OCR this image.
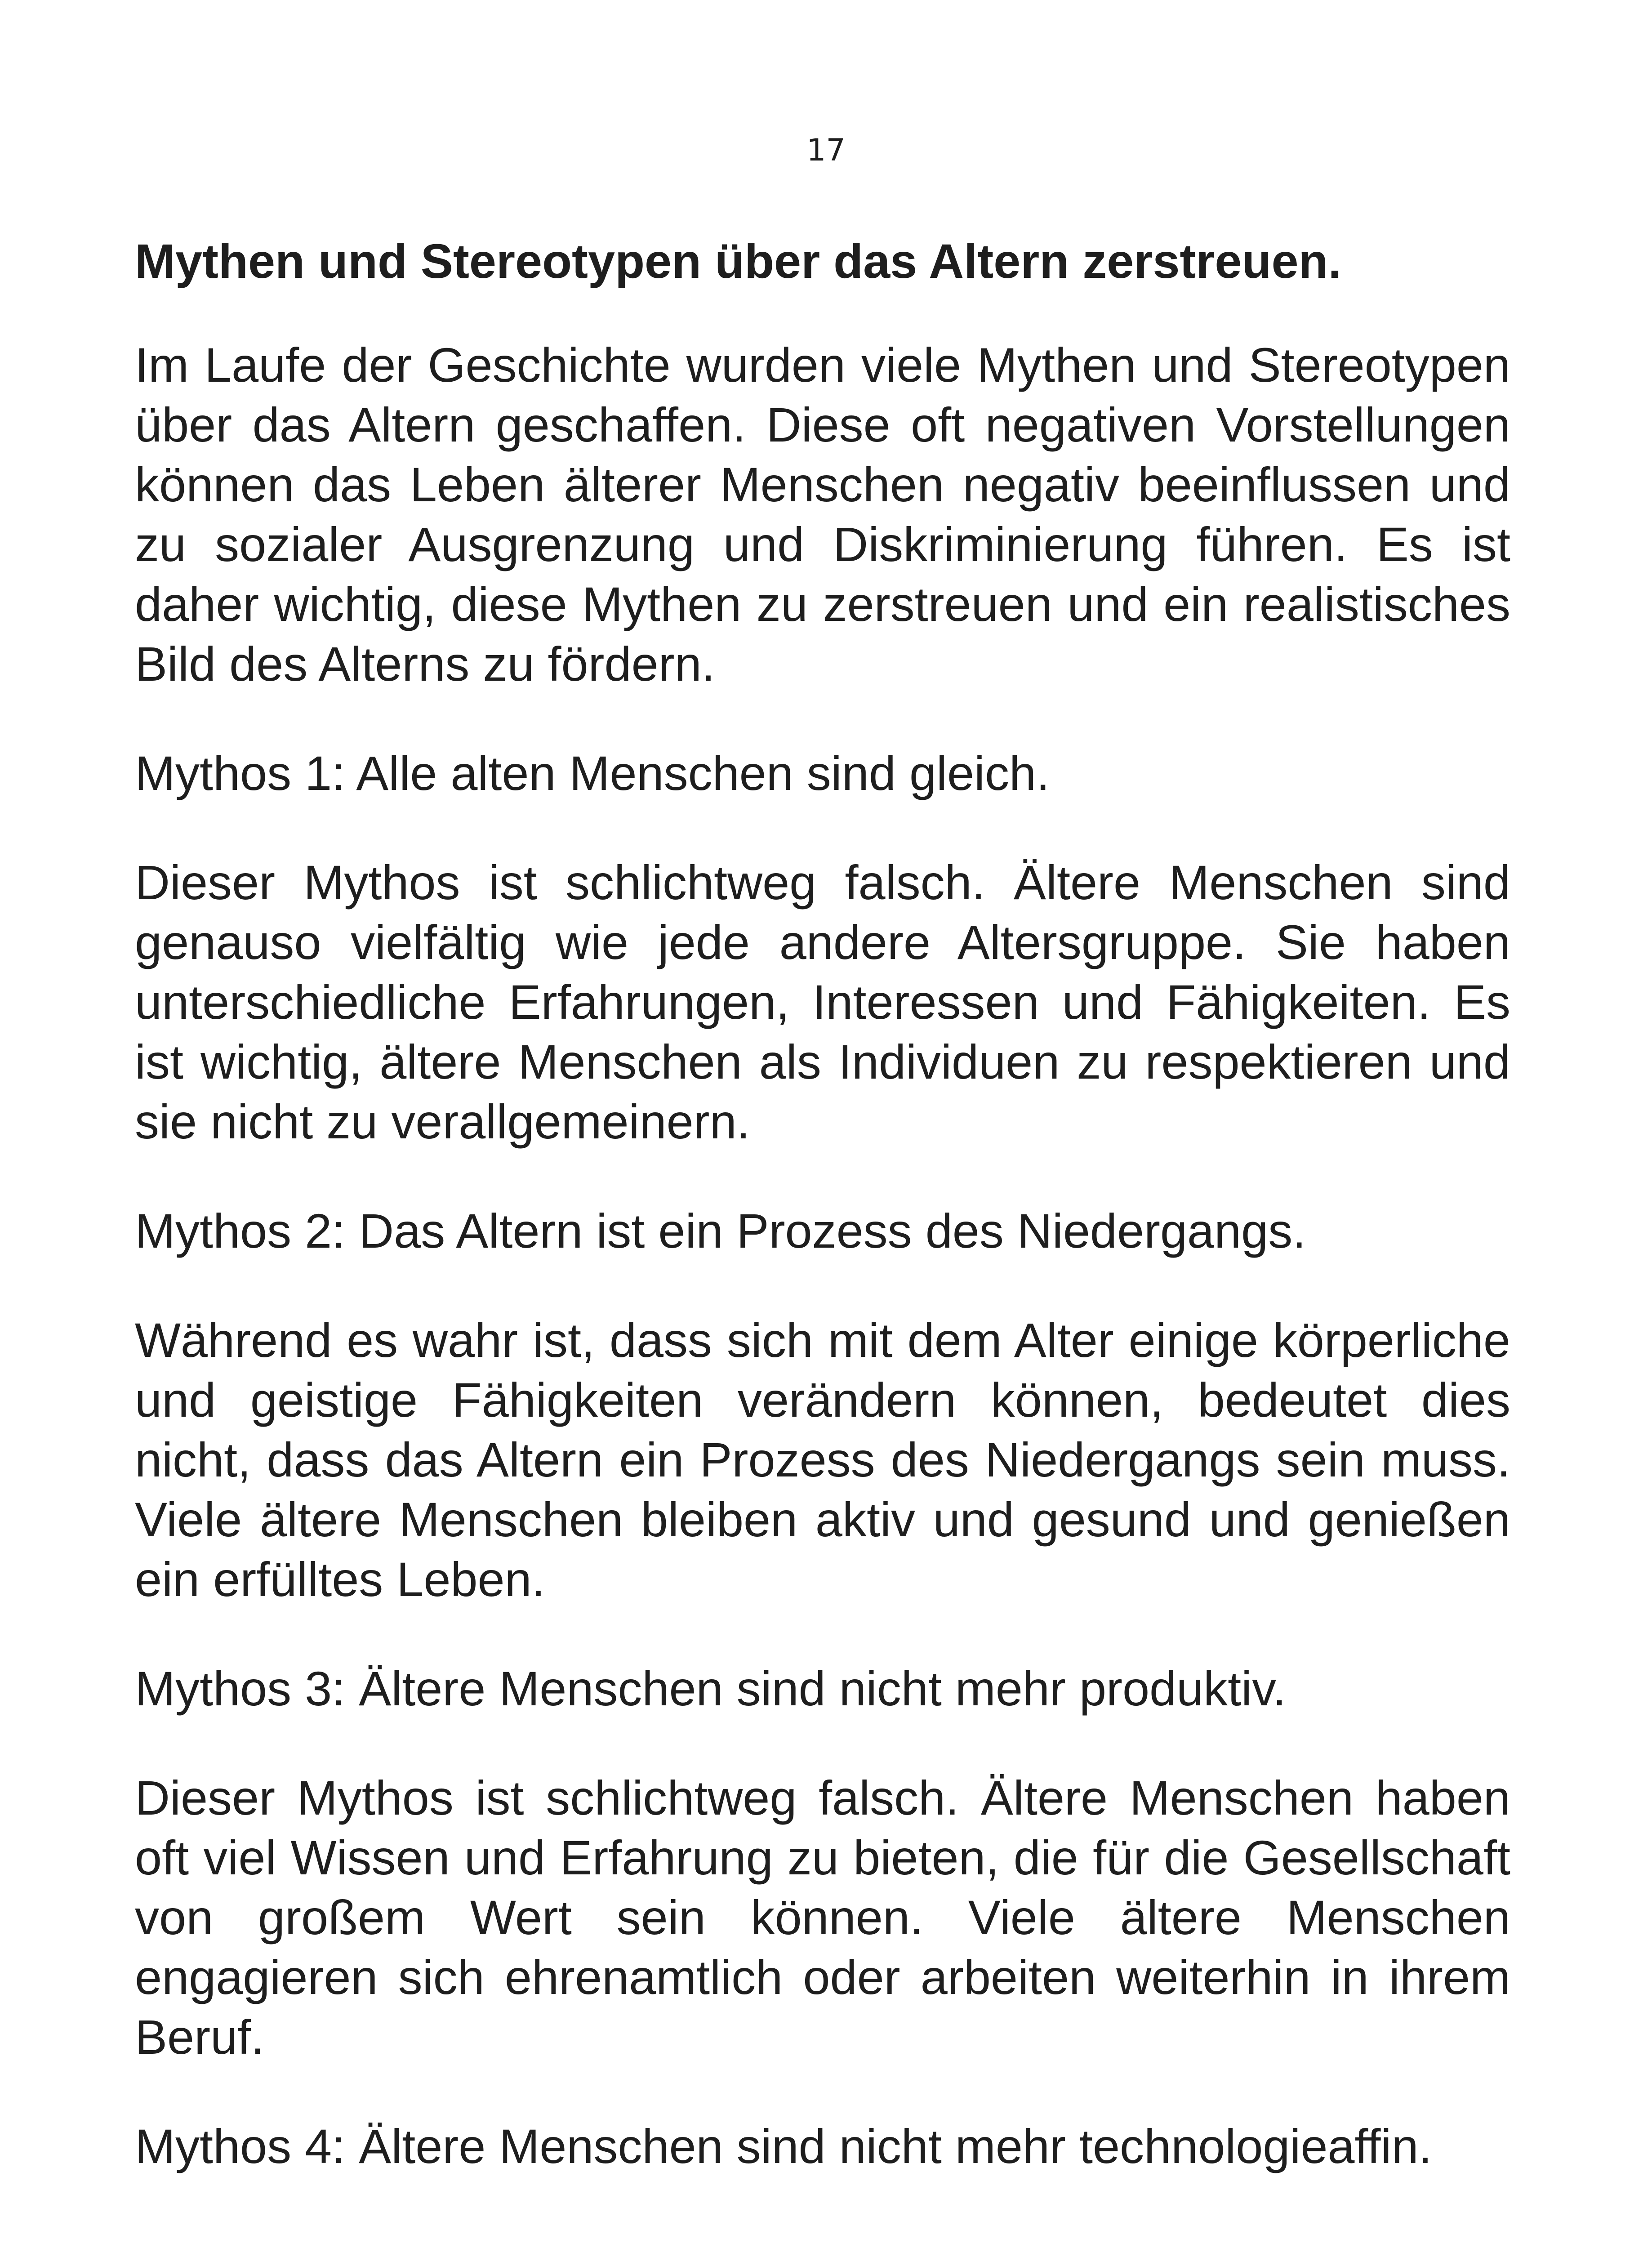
17
Mythen und Stereotypen über das Altern zerstreuen.

Im Laufe der Geschichte wurden viele Mythen und Stereotypen über das Altern geschaffen. Diese oft negativen Vorstellungen können das Leben älterer Menschen negativ beeinflussen und zu sozialer Ausgrenzung und Diskriminierung führen. Es ist daher wichtig, diese Mythen zu zerstreuen und ein realistisches Bild des Alterns zu fördern.

Mythos 1: Alle alten Menschen sind gleich.

Dieser Mythos ist schlichtweg falsch. Ältere Menschen sind genauso vielfältig wie jede andere Altersgruppe. Sie haben unterschiedliche Erfahrungen, Interessen und Fähigkeiten. Es ist wichtig, ältere Menschen als Individuen zu respektieren und sie nicht zu verallgemeinern.

Mythos 2: Das Altern ist ein Prozess des Niedergangs.

Während es wahr ist, dass sich mit dem Alter einige körperliche und geistige Fähigkeiten verändern können, bedeutet dies nicht, dass das Altern ein Prozess des Niedergangs sein muss. Viele ältere Menschen bleiben aktiv und gesund und genießen ein erfülltes Leben.

Mythos 3: Ältere Menschen sind nicht mehr produktiv.

Dieser Mythos ist schlichtweg falsch. Ältere Menschen haben oft viel Wissen und Erfahrung zu bieten, die für die Gesellschaft von großem Wert sein können. Viele ältere Menschen engagieren sich ehrenamtlich oder arbeiten weiterhin in ihrem Beruf.

Mythos 4: Ältere Menschen sind nicht mehr technologieaffin.
